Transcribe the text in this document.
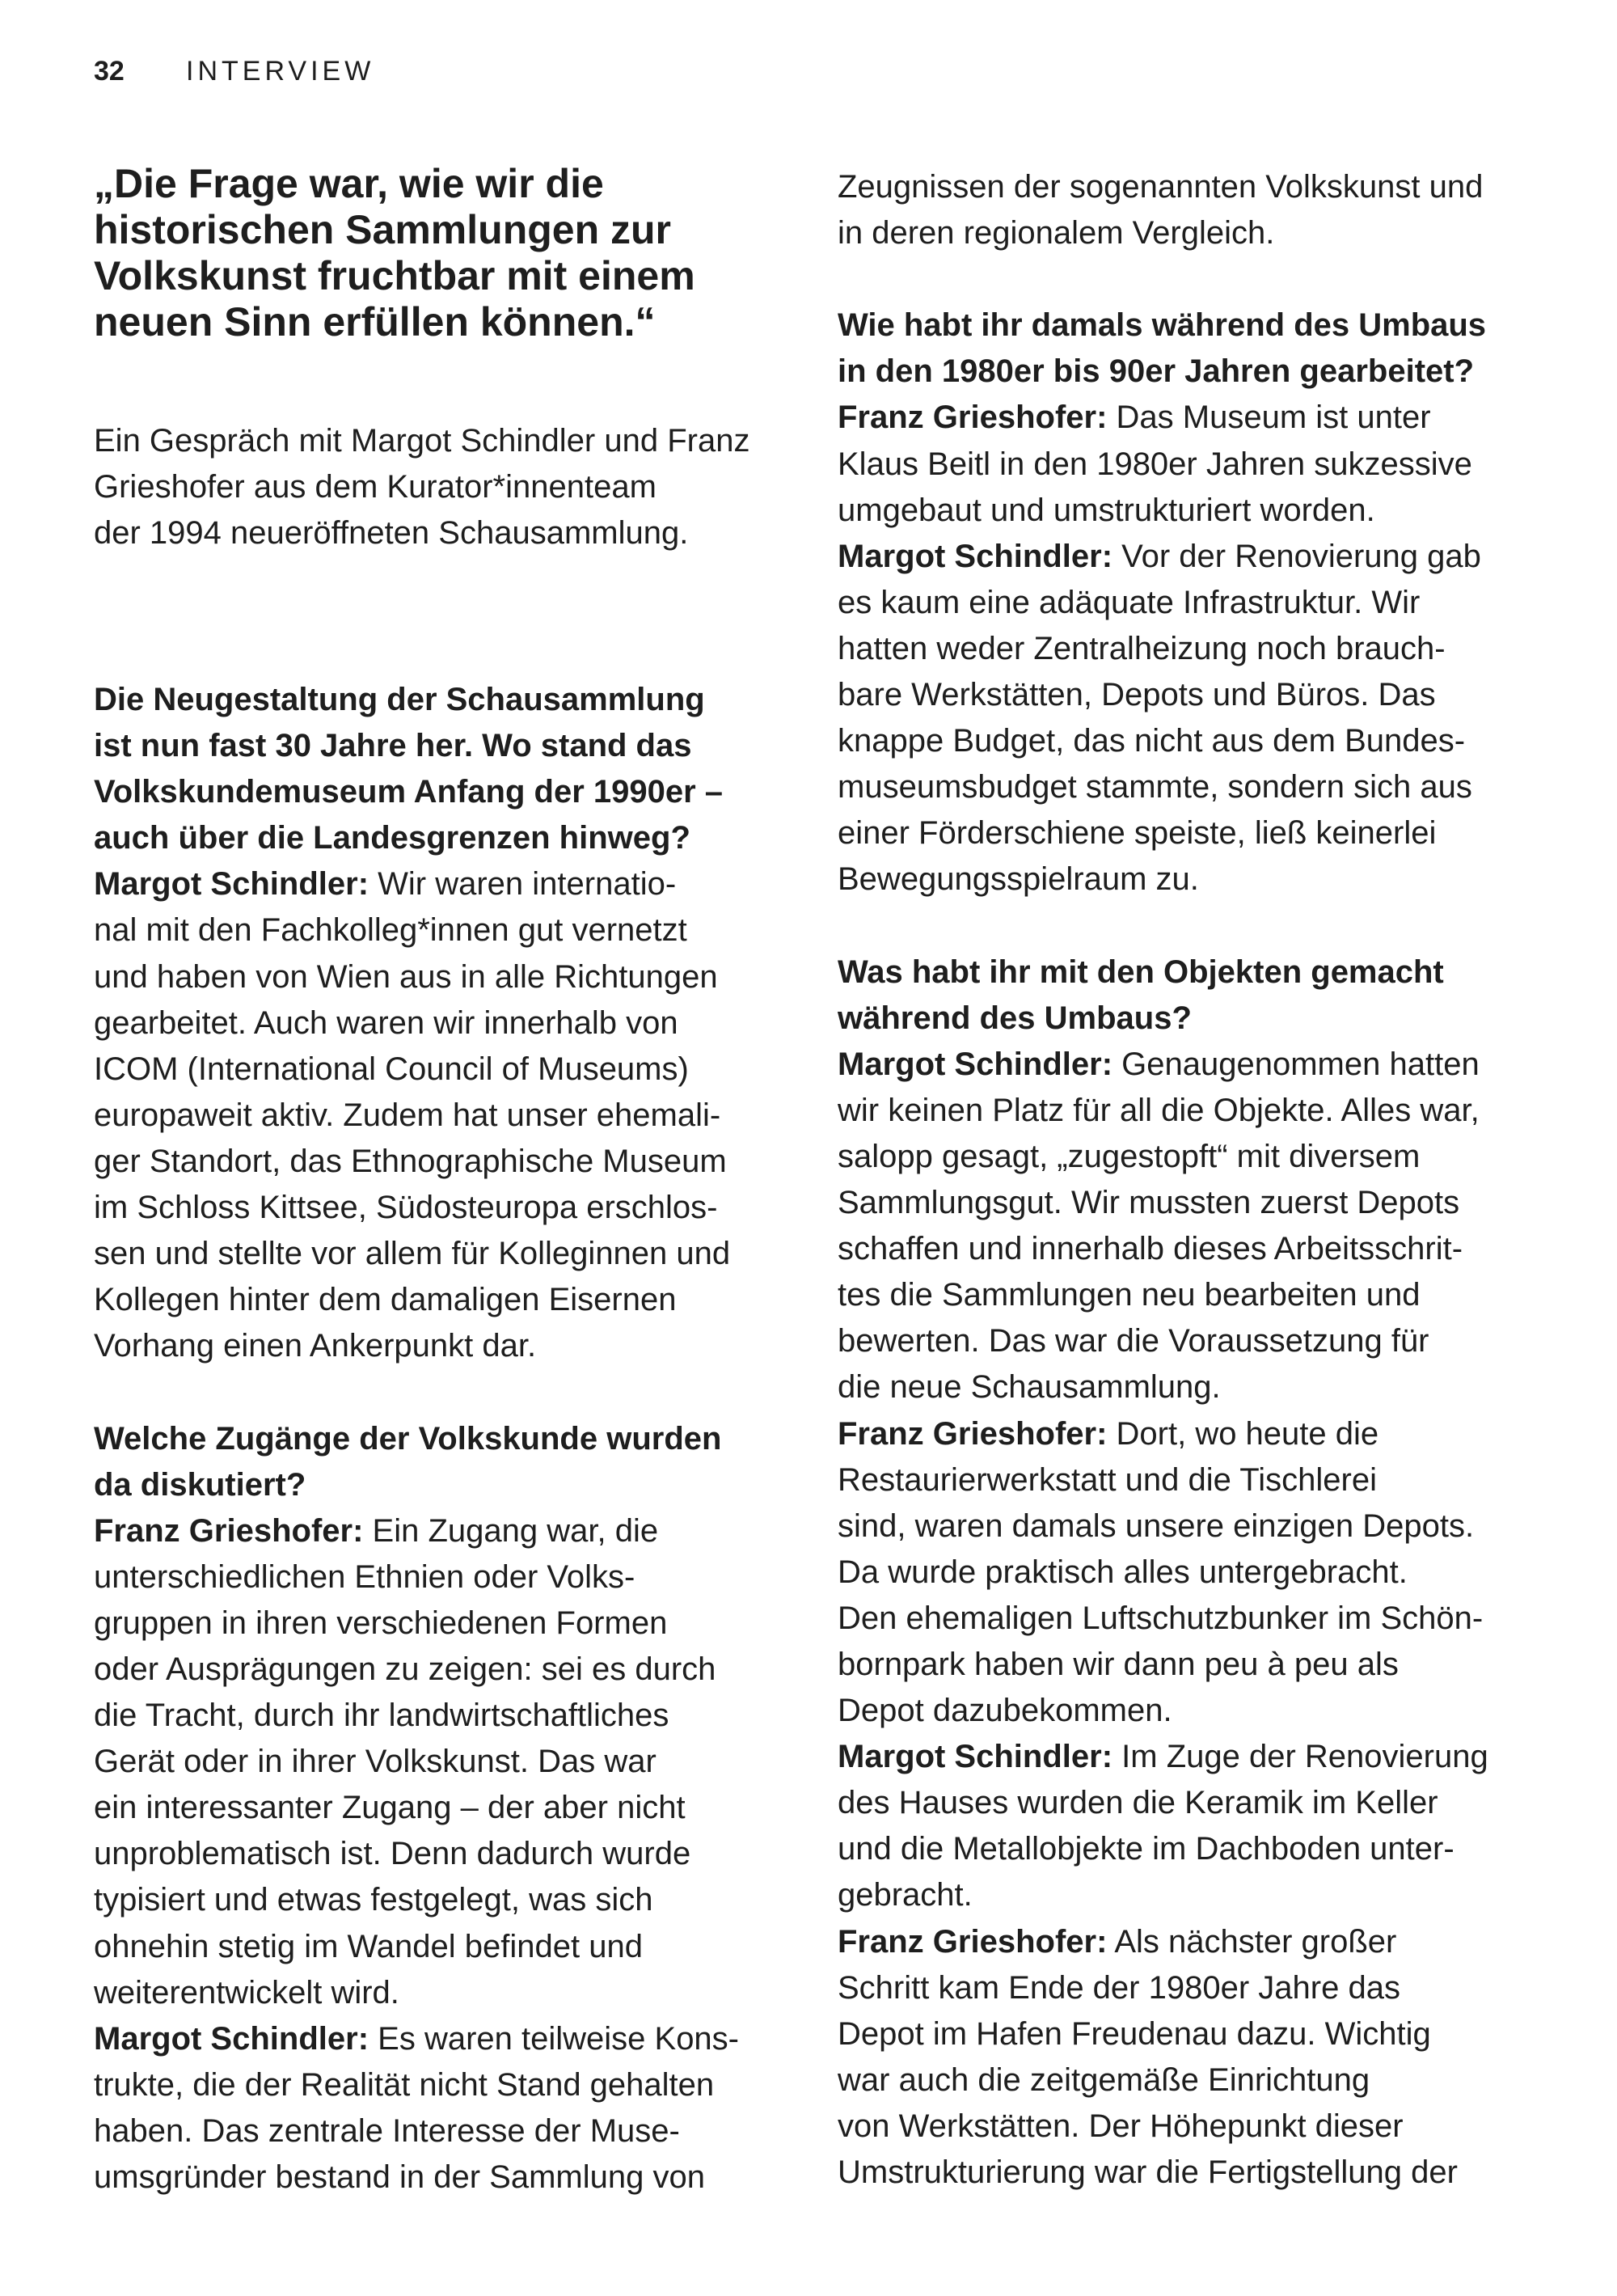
32 INTERVIEW
„Die Frage war, wie wir die
historischen Sammlungen zur
Volkskunst fruchtbar mit einem
neuen Sinn erfüllen können.“
Ein Gespräch mit Margot Schindler und Franz
Grieshofer aus dem Kurator*innenteam
der 1994 neueröffneten Schausammlung.
Die Neugestaltung der Schausammlung
ist nun fast 30 Jahre her. Wo stand das
Volkskundemuseum Anfang der 1990er –
auch über die Landesgrenzen hinweg?
Margot Schindler: Wir waren internatio-
nal mit den Fachkolleg*innen gut vernetzt
und haben von Wien aus in alle Richtungen
gearbeitet. Auch waren wir innerhalb von
ICOM (International Council of Museums)
europaweit aktiv. Zudem hat unser ehemali-
ger Standort, das Ethnographische Museum
im Schloss Kittsee, Südosteuropa erschlos-
sen und stellte vor allem für Kolleginnen und
Kollegen hinter dem damaligen Eisernen
Vorhang einen Ankerpunkt dar.
Welche Zugänge der Volkskunde wurden
da diskutiert?
Franz Grieshofer: Ein Zugang war, die
unterschiedlichen Ethnien oder Volks-
gruppen in ihren verschiedenen Formen
oder Ausprägungen zu zeigen: sei es durch
die Tracht, durch ihr landwirtschaftliches
Gerät oder in ihrer Volkskunst. Das war
ein interessanter Zugang – der aber nicht
unproblematisch ist. Denn dadurch wurde
typisiert und etwas festgelegt, was sich
ohnehin stetig im Wandel befindet und
weiterentwickelt wird.
Margot Schindler: Es waren teilweise Kons-
trukte, die der Realität nicht Stand gehalten
haben. Das zentrale Interesse der Muse-
umsgründer bestand in der Sammlung von
Zeugnissen der sogenannten Volkskunst und
in deren regionalem Vergleich.
Wie habt ihr damals während des Umbaus
in den 1980er bis 90er Jahren gearbeitet?
Franz Grieshofer: Das Museum ist unter
Klaus Beitl in den 1980er Jahren sukzessive
umgebaut und umstrukturiert worden.
Margot Schindler: Vor der Renovierung gab
es kaum eine adäquate Infrastruktur. Wir
hatten weder Zentralheizung noch brauch-
bare Werkstätten, Depots und Büros. Das
knappe Budget, das nicht aus dem Bundes-
museumsbudget stammte, sondern sich aus
einer Förderschiene speiste, ließ keinerlei
Bewegungsspielraum zu.
Was habt ihr mit den Objekten gemacht
während des Umbaus?
Margot Schindler: Genaugenommen hatten
wir keinen Platz für all die Objekte. Alles war,
salopp gesagt, „zugestopft“ mit diversem
Sammlungsgut. Wir mussten zuerst Depots
schaffen und innerhalb dieses Arbeitsschrit-
tes die Sammlungen neu bearbeiten und
bewerten. Das war die Voraussetzung für
die neue Schausammlung.
Franz Grieshofer: Dort, wo heute die
Restaurierwerkstatt und die Tischlerei
sind, waren damals unsere einzigen Depots.
Da wurde praktisch alles untergebracht.
Den ehemaligen Luftschutzbunker im Schön-
bornpark haben wir dann peu à peu als
Depot dazubekommen.
Margot Schindler: Im Zuge der Renovierung
des Hauses wurden die Keramik im Keller
und die Metallobjekte im Dachboden unter-
gebracht.
Franz Grieshofer: Als nächster großer
Schritt kam Ende der 1980er Jahre das
Depot im Hafen Freudenau dazu. Wichtig
war auch die zeitgemäße Einrichtung
von Werkstätten. Der Höhepunkt dieser
Umstrukturierung war die Fertigstellung der
